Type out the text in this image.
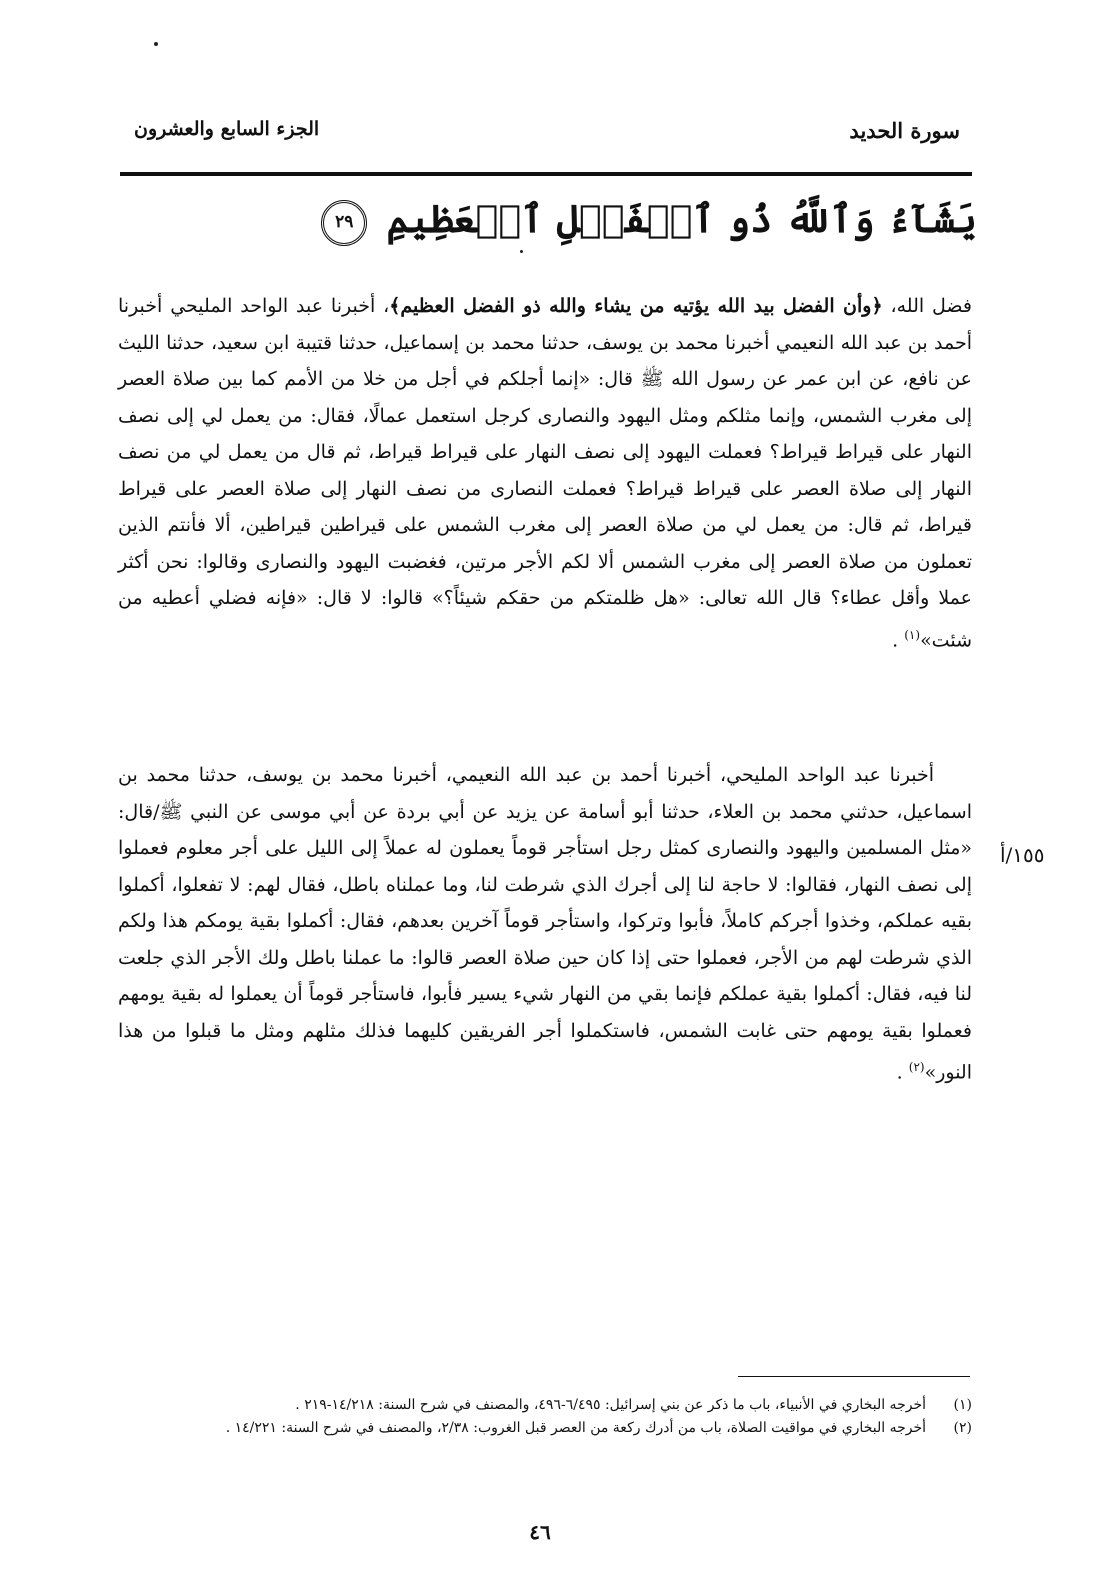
سورة الحديد
الجزء السابع والعشرون
يَشَآءُ وَٱللَّهُ ذُو ٱلۡفَضۡلِ ٱلۡعَظِيمِ ٢٩
فضل الله، ﴿وأن الفضل بيد الله يؤتيه من يشاء والله ذو الفضل العظيم﴾، أخبرنا عبد الواحد المليحي أخبرنا أحمد بن عبد الله النعيمي أخبرنا محمد بن يوسف، حدثنا محمد بن إسماعيل، حدثنا قتيبة ابن سعيد، حدثنا الليث عن نافع، عن ابن عمر عن رسول الله ﷺ قال: «إنما أجلكم في أجل من خلا من الأمم كما بين صلاة العصر إلى مغرب الشمس، وإنما مثلكم ومثل اليهود والنصارى كرجل استعمل عمالًا، فقال: من يعمل لي إلى نصف النهار على قيراط قيراط؟ فعملت اليهود إلى نصف النهار على قيراط قيراط، ثم قال من يعمل لي من نصف النهار إلى صلاة العصر على قيراط قيراط؟ فعملت النصارى من نصف النهار إلى صلاة العصر على قيراط قيراط، ثم قال: من يعمل لي من صلاة العصر إلى مغرب الشمس على قيراطين قيراطين، ألا فأنتم الذين تعملون من صلاة العصر إلى مغرب الشمس ألا لكم الأجر مرتين، فغضبت اليهود والنصارى وقالوا: نحن أكثر عملا وأقل عطاء؟ قال الله تعالى: «هل ظلمتكم من حقكم شيئاً؟» قالوا: لا قال: «فإنه فضلي أعطيه من شئت»$^{(١)}$ .
١٥٥/أ
أخبرنا عبد الواحد المليحي، أخبرنا أحمد بن عبد الله النعيمي، أخبرنا محمد بن يوسف، حدثنا محمد بن اسماعيل، حدثني محمد بن العلاء، حدثنا أبو أسامة عن يزيد عن أبي بردة عن أبي موسى عن النبي ﷺ/قال: «مثل المسلمين واليهود والنصارى كمثل رجل استأجر قوماً يعملون له عملاً إلى الليل على أجر معلوم فعملوا إلى نصف النهار، فقالوا: لا حاجة لنا إلى أجرك الذي شرطت لنا، وما عملناه باطل، فقال لهم: لا تفعلوا، أكملوا بقيه عملكم، وخذوا أجركم كاملاً، فأبوا وتركوا، واستأجر قوماً آخرين بعدهم، فقال: أكملوا بقية يومكم هذا ولكم الذي شرطت لهم من الأجر، فعملوا حتى إذا كان حين صلاة العصر قالوا: ما عملنا باطل ولك الأجر الذي جلعت لنا فيه، فقال: أكملوا بقية عملكم فإنما بقي من النهار شيء يسير فأبوا، فاستأجر قوماً أن يعملوا له بقية يومهم فعملوا بقية يومهم حتى غابت الشمس، فاستكملوا أجر الفريقين كليهما فذلك مثلهم ومثل ما قبلوا من هذا النور»$^{(٢)}$ .
(١)
أخرجه البخاري في الأنبياء، باب ما ذكر عن بني إسرائيل: ٦/٤٩٥-٤٩٦، والمصنف في شرح السنة: ١٤/٢١٨-٢١٩ .
(٢)
أخرجه البخاري في مواقيت الصلاة، باب من أدرك ركعة من العصر قبل الغروب: ٢/٣٨، والمصنف في شرح السنة: ١٤/٢٢١ .
٤٦
